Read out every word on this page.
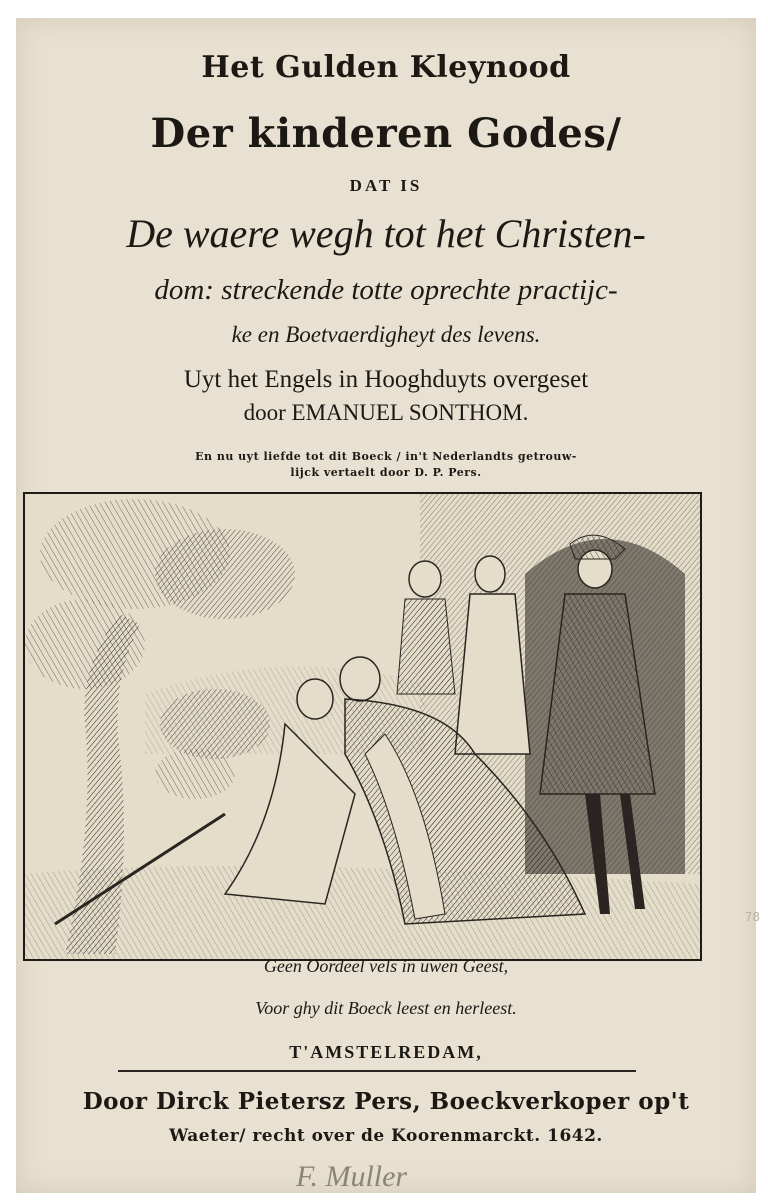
Het Gulden Kleynood
Der kinderen Godes/
DAT IS
De waere wegh tot het Christen-
dom: streckende totte oprechte practijc-
ke en Boetvaerdigheyt des levens.
Uyt het Engels in Hooghduyts overgeset
door EMANUEL SONTHOM.
En nu uyt liefde tot dit Boeck / in't Nederlandts getrouw-
lijck vertaelt door D. P. Pers.
Geen Oordeel vels in uwen Geest,
Voor ghy dit Boeck leest en herleest.
T'AMSTELREDAM,
Door Dirck Pietersz Pers, Boeckverkoper op't
Waeter/ recht over de Koorenmarckt. 1642.
F. Muller
78
